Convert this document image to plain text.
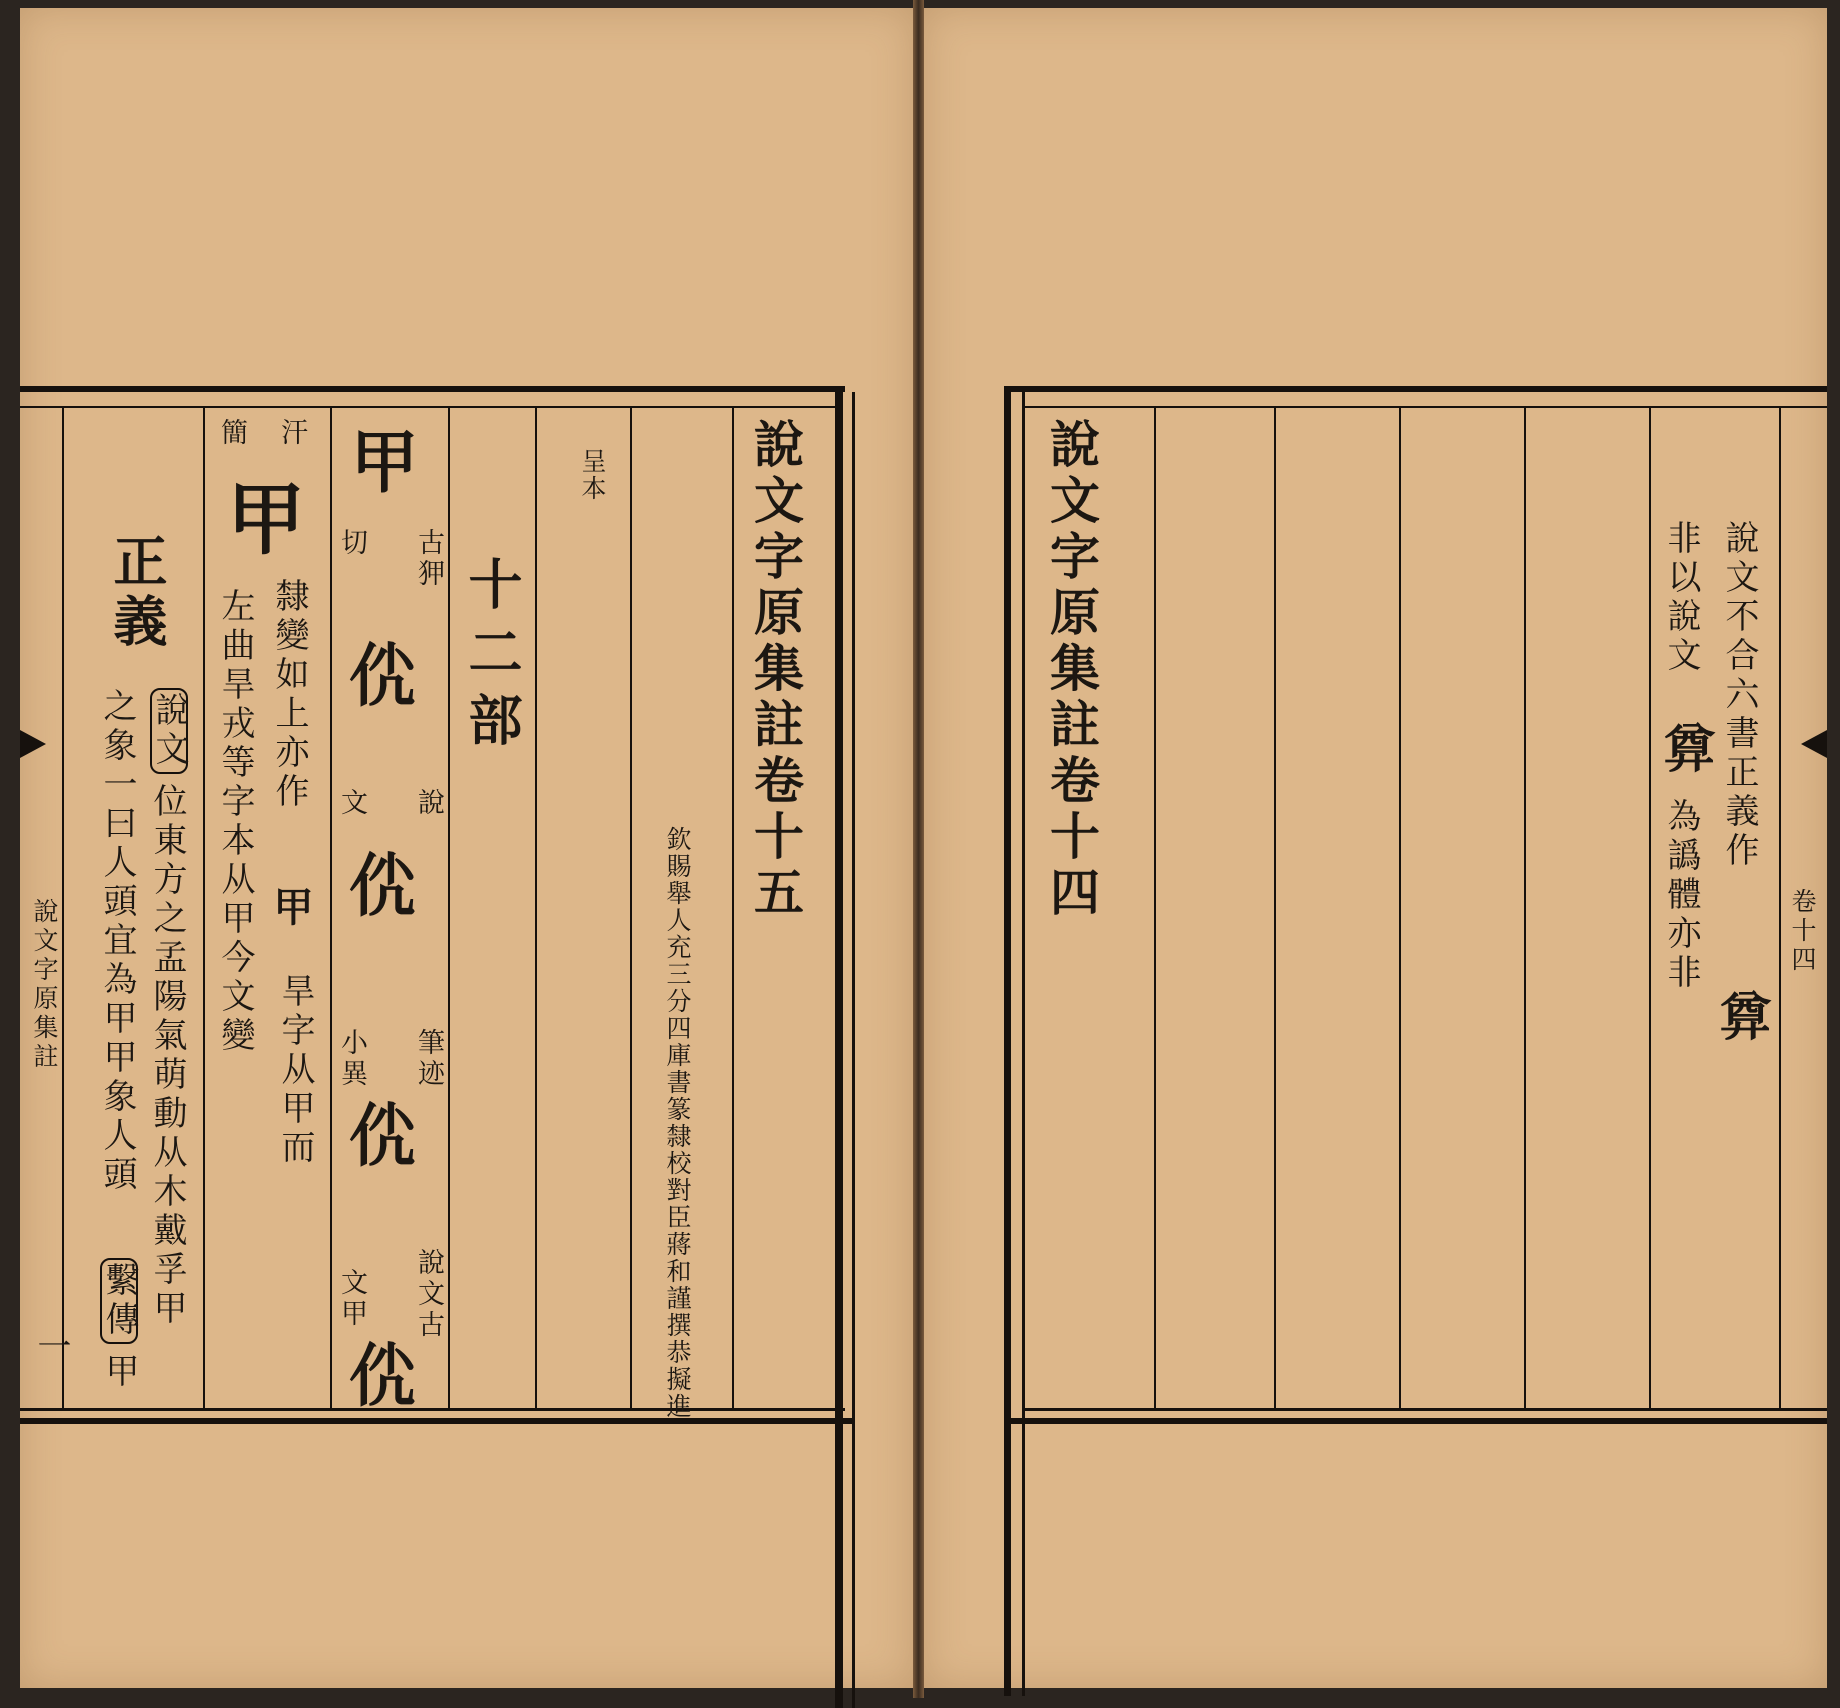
說文字原集註卷十五
欽賜舉人充三分四庫書篆隸校對臣蔣和謹撰恭擬進
呈本
十二部
甲
古狎
切
𠇵
說
文
𠇵
筆迹
小異
𠇵
說文古
文甲
𠇵
汗
簡
甲
隸變如上亦作
甲
旱字从甲而
左曲旱戎等字本从甲今文變
正義
說文
位東方之孟陽氣萌動从木戴孚甲
之象一曰人頭宜為甲甲象人頭
繫傳
甲
說文字原集註
一
說文字原集註卷十四	說文不合六書正義作
𢍜
非以說文
𢍜
為譌體亦非	卷十四
